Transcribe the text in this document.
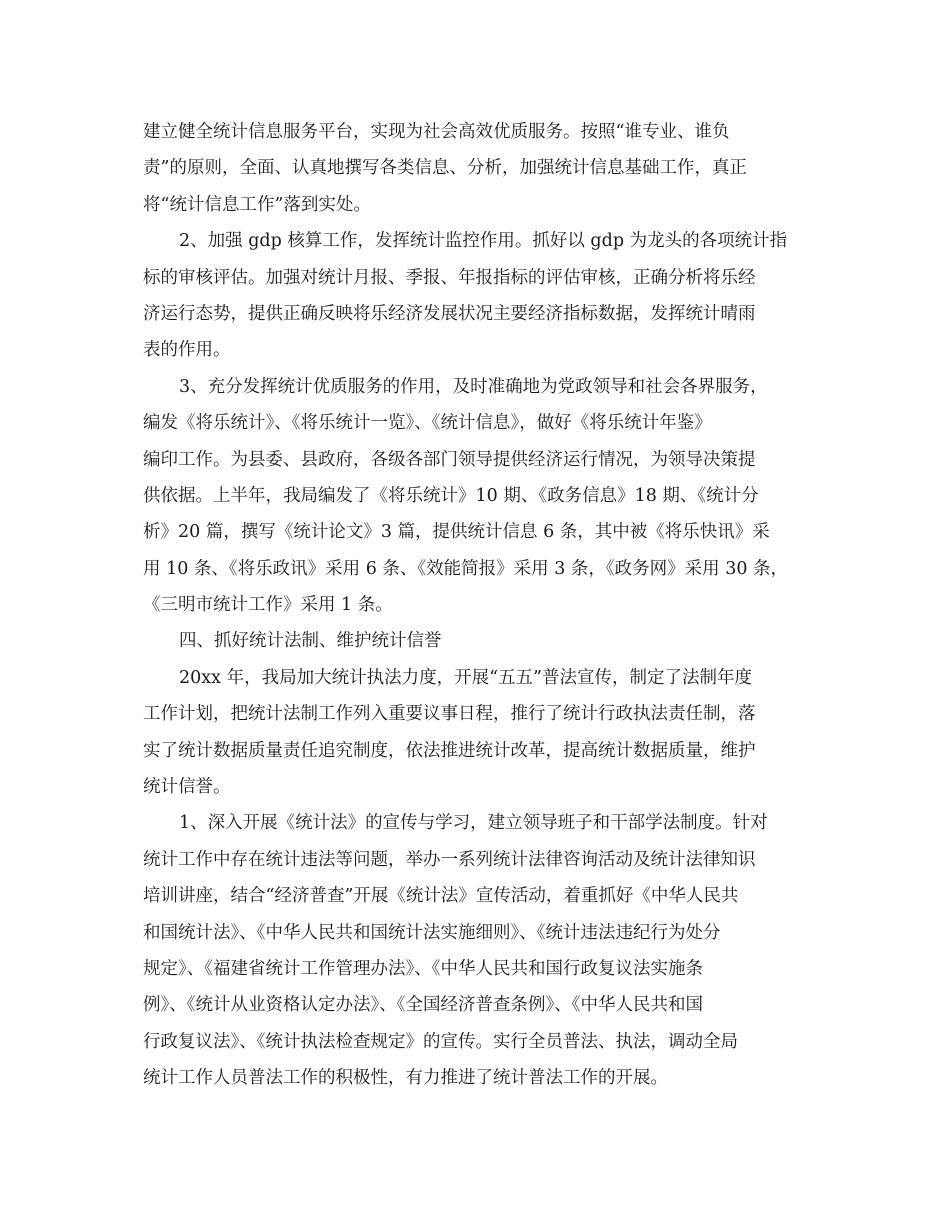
建立健全统计信息服务平台，实现为社会高效优质服务。按照“谁专业、谁负
责”的原则，全面、认真地撰写各类信息、分析，加强统计信息基础工作，真正
将“统计信息工作”落到实处。
2、加强 gdp 核算工作，发挥统计监控作用。抓好以 gdp 为龙头的各项统计指
标的审核评估。加强对统计月报、季报、年报指标的评估审核，正确分析将乐经
济运行态势，提供正确反映将乐经济发展状况主要经济指标数据，发挥统计晴雨
表的作用。
3、充分发挥统计优质服务的作用，及时准确地为党政领导和社会各界服务，
编发《将乐统计》、《将乐统计一览》、《统计信息》，做好《将乐统计年鉴》
编印工作。为县委、县政府，各级各部门领导提供经济运行情况，为领导决策提
供依据。上半年，我局编发了《将乐统计》10 期、《政务信息》18 期、《统计分
析》20 篇，撰写《统计论文》3 篇，提供统计信息 6 条，其中被《将乐快讯》采
用 10 条、《将乐政讯》采用 6 条、《效能简报》采用 3 条，《政务网》采用 30 条，
《三明市统计工作》采用 1 条。
四、抓好统计法制、维护统计信誉
20xx 年，我局加大统计执法力度，开展“五五”普法宣传，制定了法制年度
工作计划，把统计法制工作列入重要议事日程，推行了统计行政执法责任制，落
实了统计数据质量责任追究制度，依法推进统计改革，提高统计数据质量，维护
统计信誉。
1、深入开展《统计法》的宣传与学习，建立领导班子和干部学法制度。针对
统计工作中存在统计违法等问题，举办一系列统计法律咨询活动及统计法律知识
培训讲座，结合“经济普查”开展《统计法》宣传活动，着重抓好《中华人民共
和国统计法》、《中华人民共和国统计法实施细则》、《统计违法违纪行为处分
规定》、《福建省统计工作管理办法》、《中华人民共和国行政复议法实施条
例》、《统计从业资格认定办法》、《全国经济普查条例》、《中华人民共和国
行政复议法》、《统计执法检查规定》的宣传。实行全员普法、执法，调动全局
统计工作人员普法工作的积极性，有力推进了统计普法工作的开展。
